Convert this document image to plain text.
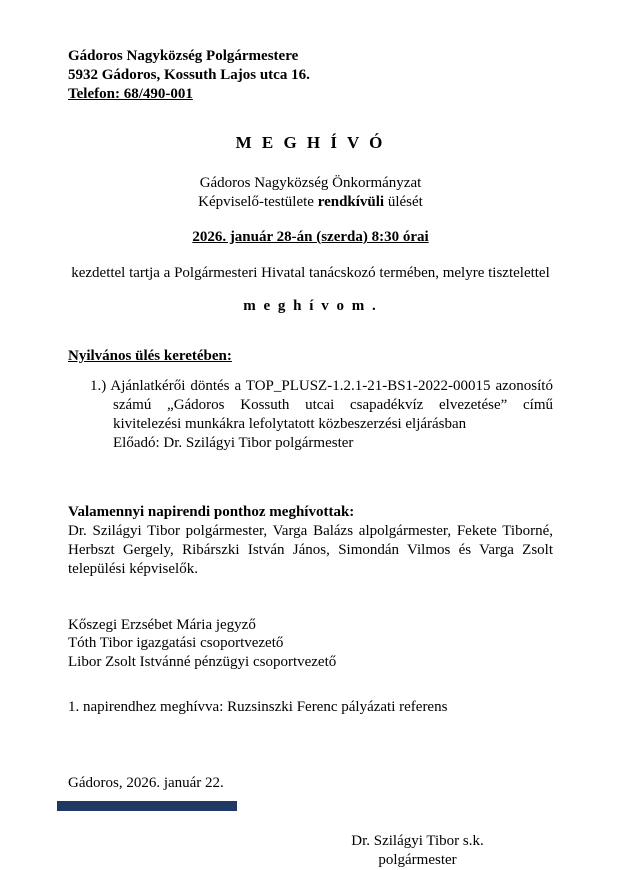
Gádoros Nagyközség Polgármestere
5932 Gádoros, Kossuth Lajos utca 16.
Telefon: 68/490-001
M E G H Í V Ó
Gádoros Nagyközség Önkormányzat
Képviselő-testülete rendkívüli ülését
2026. január 28-án (szerda) 8:30 órai
kezdettel tartja a Polgármesteri Hivatal tanácskozó termében, melyre tisztelettel
m e g h í v o m .
Nyilvános ülés keretében:
1.) Ajánlatkérői döntés a TOP_PLUSZ-1.2.1-21-BS1-2022-00015 azonosító számú „Gádoros Kossuth utcai csapadékvíz elvezetése” című kivitelezési munkákra lefolytatott közbeszerzési eljárásban
Előadó: Dr. Szilágyi Tibor polgármester
Valamennyi napirendi ponthoz meghívottak:
Dr. Szilágyi Tibor polgármester, Varga Balázs alpolgármester, Fekete Tiborné, Herbszt Gergely, Ribárszki István János, Simondán Vilmos és Varga Zsolt települési képviselők.
Kőszegi Erzsébet Mária jegyző
Tóth Tibor igazgatási csoportvezető
Libor Zsolt Istvánné pénzügyi csoportvezető
1. napirendhez meghívva: Ruzsinszki Ferenc pályázati referens
Gádoros, 2026. január 22.
Dr. Szilágyi Tibor s.k.
polgármester
